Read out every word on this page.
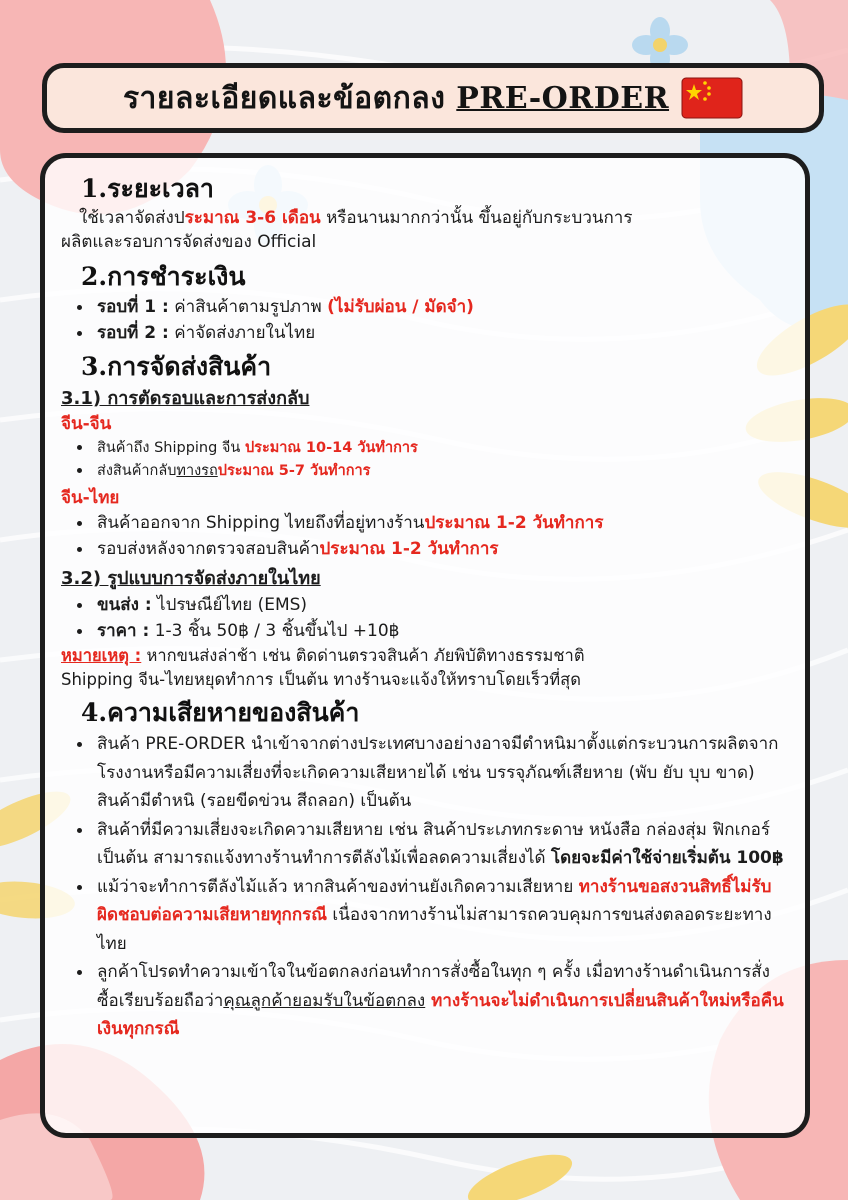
รายละเอียดและข้อตกลง PRE-ORDER
1.ระยะเวลา

ใช้เวลาจัดส่งประมาณ 3-6 เดือน หรือนานมากกว่านั้น ขึ้นอยู่กับกระบวนการ

ผลิตและรอบการจัดส่งของ Official

2.การชำระเงิน
• รอบที่ 1 : ค่าสินค้าตามรูปภาพ (ไม่รับผ่อน / มัดจำ)
• รอบที่ 2 : ค่าจัดส่งภายในไทย
3.การจัดส่งสินค้า

3.1) การตัดรอบและการส่งกลับ

จีน-จีน

• สินค้าถึง Shipping จีน ประมาณ 10-14 วันทำการ
• ส่งสินค้ากลับทางรถประมาณ 5-7 วันทำการ

จีน-ไทย

• สินค้าออกจาก Shipping ไทยถึงที่อยู่ทางร้านประมาณ 1-2 วันทำการ
• รอบส่งหลังจากตรวจสอบสินค้าประมาณ 1-2 วันทำการ

3.2) รูปแบบการจัดส่งภายในไทย

• ขนส่ง : ไปรษณีย์ไทย (EMS)
• ราคา : 1-3 ชิ้น 50฿ / 3 ชิ้นขึ้นไป +10฿

หมายเหตุ : หากขนส่งล่าช้า เช่น ติดด่านตรวจสินค้า ภัยพิบัติทางธรรมชาติ

Shipping จีน-ไทยหยุดทำการ เป็นต้น ทางร้านจะแจ้งให้ทราบโดยเร็วที่สุด

4.ความเสียหายของสินค้า
• สินค้า PRE-ORDER นำเข้าจากต่างประเทศบางอย่างอาจมีตำหนิมาตั้งแต่กระบวนการผลิตจากโรงงานหรือมีความเสี่ยงที่จะเกิดความเสียหายได้ เช่น บรรจุภัณฑ์เสียหาย (พับ ยับ บุบ ขาด) สินค้ามีตำหนิ (รอยขีดข่วน สีถลอก) เป็นต้น
• สินค้าที่มีความเสี่ยงจะเกิดความเสียหาย เช่น สินค้าประเภทกระดาษ หนังสือ กล่องสุ่ม ฟิกเกอร์ เป็นต้น สามารถแจ้งทางร้านทำการตีลังไม้เพื่อลดความเสี่ยงได้ โดยจะมีค่าใช้จ่ายเริ่มต้น 100฿
• แม้ว่าจะทำการตีลังไม้แล้ว หากสินค้าของท่านยังเกิดความเสียหาย ทางร้านขอสงวนสิทธิ์ไม่รับผิดชอบต่อความเสียหายทุกกรณี เนื่องจากทางร้านไม่สามารถควบคุมการขนส่งตลอดระยะทางไทย
• ลูกค้าโปรดทำความเข้าใจในข้อตกลงก่อนทำการสั่งซื้อในทุก ๆ ครั้ง เมื่อทางร้านดำเนินการสั่งซื้อเรียบร้อยถือว่าคุณลูกค้ายอมรับในข้อตกลง ทางร้านจะไม่ดำเนินการเปลี่ยนสินค้าใหม่หรือคืนเงินทุกกรณี
